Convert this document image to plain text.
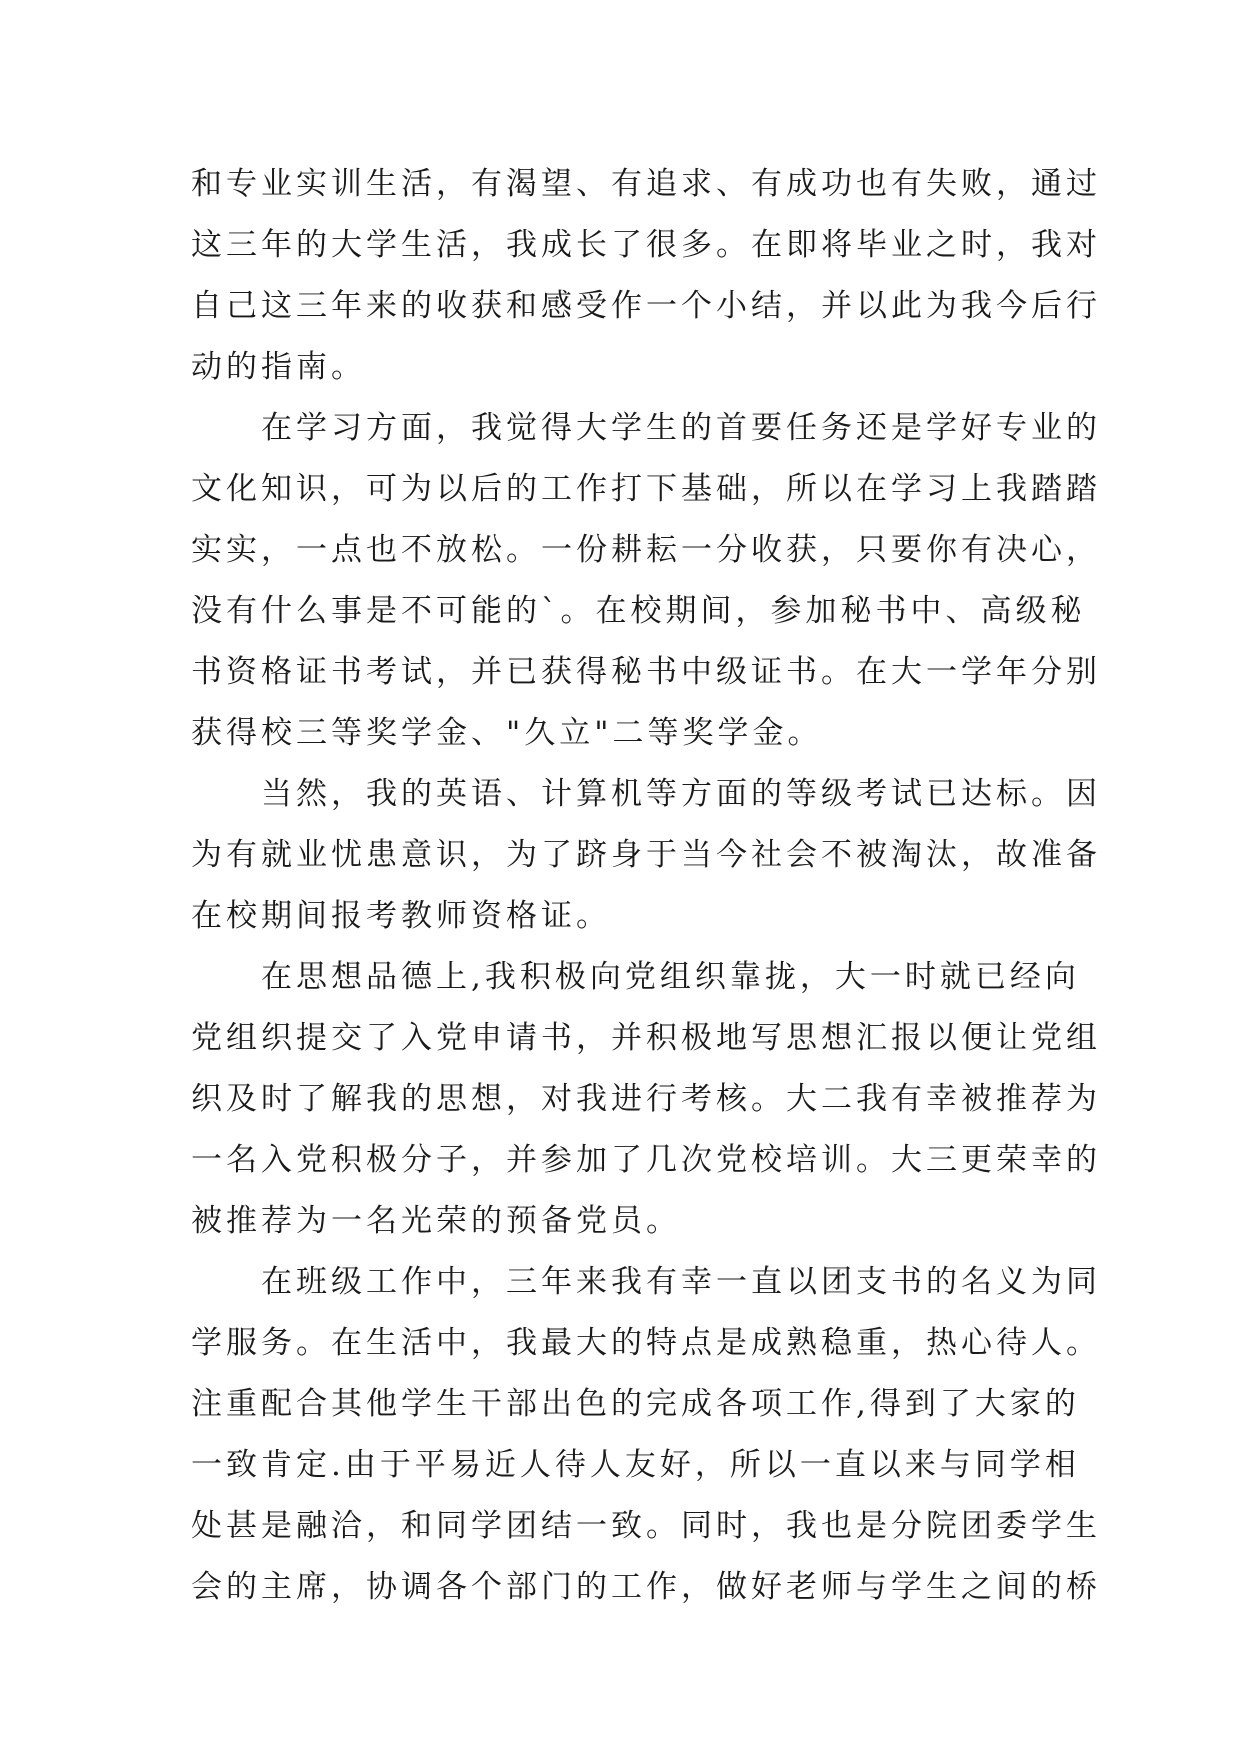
和专业实训生活，有渴望、有追求、有成功也有失败，通过
这三年的大学生活，我成长了很多。在即将毕业之时，我对
自己这三年来的收获和感受作一个小结，并以此为我今后行
动的指南。
　　在学习方面，我觉得大学生的首要任务还是学好专业的
文化知识，可为以后的工作打下基础，所以在学习上我踏踏
实实，一点也不放松。一份耕耘一分收获，只要你有决心，
没有什么事是不可能的`。在校期间，参加秘书中、高级秘
书资格证书考试，并已获得秘书中级证书。在大一学年分别
获得校三等奖学金、"久立"二等奖学金。
　　当然，我的英语、计算机等方面的等级考试已达标。因
为有就业忧患意识，为了跻身于当今社会不被淘汰，故准备
在校期间报考教师资格证。
　　在思想品德上,我积极向党组织靠拢，大一时就已经向
党组织提交了入党申请书，并积极地写思想汇报以便让党组
织及时了解我的思想，对我进行考核。大二我有幸被推荐为
一名入党积极分子，并参加了几次党校培训。大三更荣幸的
被推荐为一名光荣的预备党员。
　　在班级工作中，三年来我有幸一直以团支书的名义为同
学服务。在生活中，我最大的特点是成熟稳重，热心待人。
注重配合其他学生干部出色的完成各项工作,得到了大家的
一致肯定.由于平易近人待人友好，所以一直以来与同学相
处甚是融洽，和同学团结一致。同时，我也是分院团委学生
会的主席，协调各个部门的工作，做好老师与学生之间的桥
